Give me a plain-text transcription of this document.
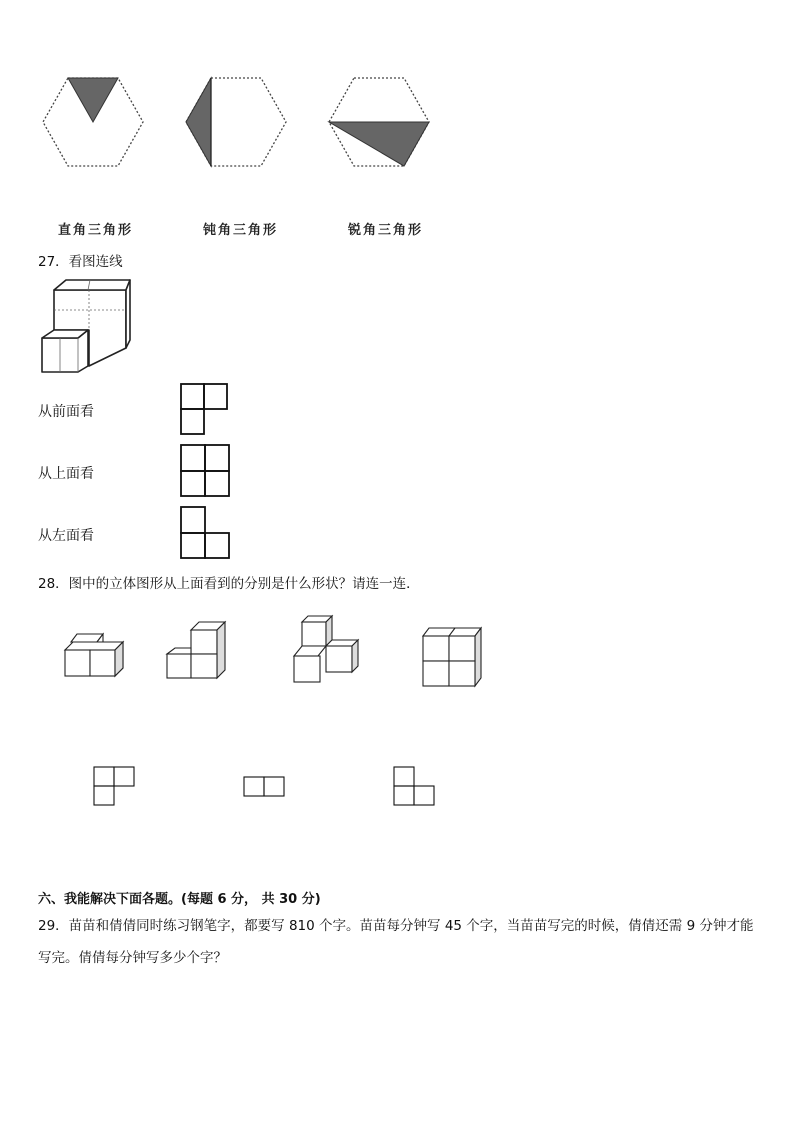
直角三角形	钝角三角形	锐角三角形
27．看图连线
从前面看
从上面看
从左面看
28．图中的立体图形从上面看到的分别是什么形状？请连一连．
六、我能解决下面各题。(每题 6 分， 共 30 分)
29．苗苗和倩倩同时练习钢笔字，都要写 810 个字。苗苗每分钟写 45 个字，当苗苗写完的时候，倩倩还需 9 分钟才能
写完。倩倩每分钟写多少个字？
